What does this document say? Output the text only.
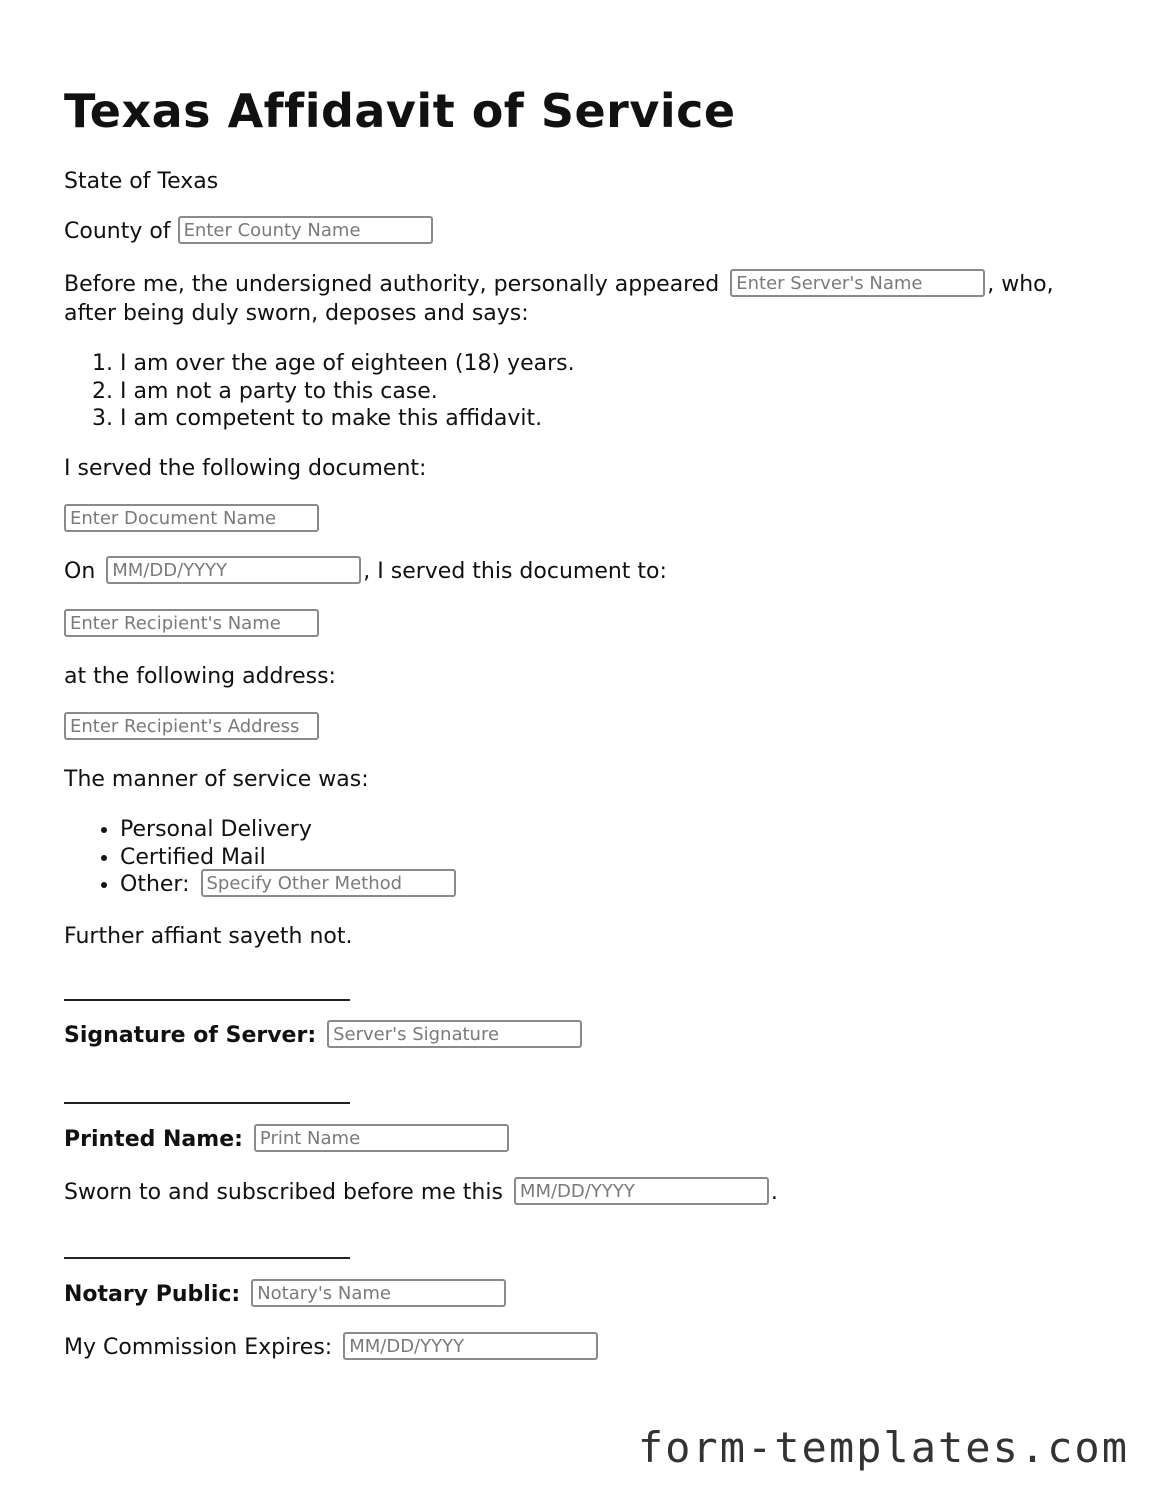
Texas Affidavit of Service
State of Texas
County of Enter County Name
Before me, the undersigned authority, personally appeared Enter Server's Name	, who,
after being duly sworn, deposes and says:
1. I am over the age of eighteen (18) years.
2. I am not a party to this case.
3. I am competent to make this affidavit.
I served the following document:
Enter Document Name
On MM/DD/YYYY	, I served this document to:
Enter Recipient's Name
at the following address:
Enter Recipient's Address
The manner of service was:
• Personal Delivery
• Certified Mail
• Other: Specify Other Method
Further affiant sayeth not.
Signature of Server: Server's Signature
Printed Name: Print Name
Sworn to and subscribed before me this MM/DD/YYYY	.
Notary Public: Notary's Name
My Commission Expires: MM/DD/YYYY
form-templates.com
